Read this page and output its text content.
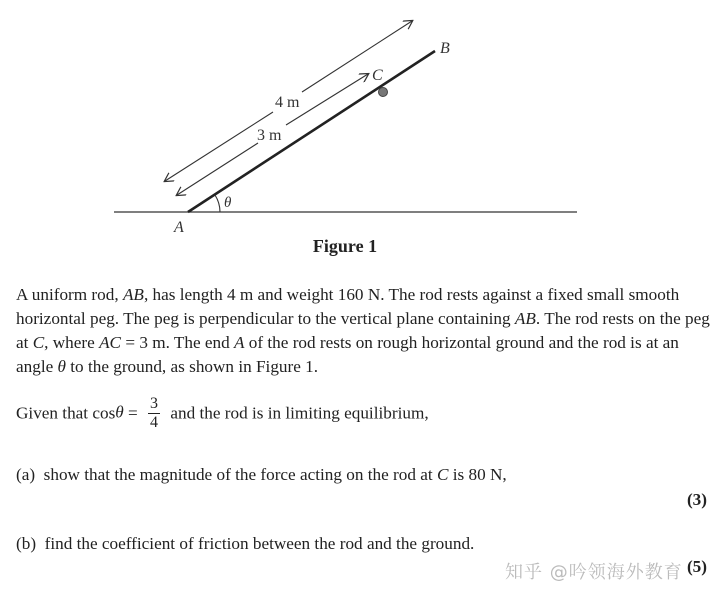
B
C
A
θ
4 m
3 m
Figure 1
A uniform rod, AB, has length 4 m and weight 160 N. The rod rests against a fixed small smooth horizontal peg. The peg is perpendicular to the vertical plane containing AB. The rod rests on the peg at C, where AC = 3 m. The end A of the rod rests on rough horizontal ground and the rod is at an angle θ to the ground, as shown in Figure 1.
Given that $\cos\theta = \frac{3}{4}$ and the rod is in limiting equilibrium,
(a) show that the magnitude of the force acting on the rod at C is 80 N,
(3)
(b) find the coefficient of friction between the rod and the ground.
(5)
知乎 @吟领海外教育
